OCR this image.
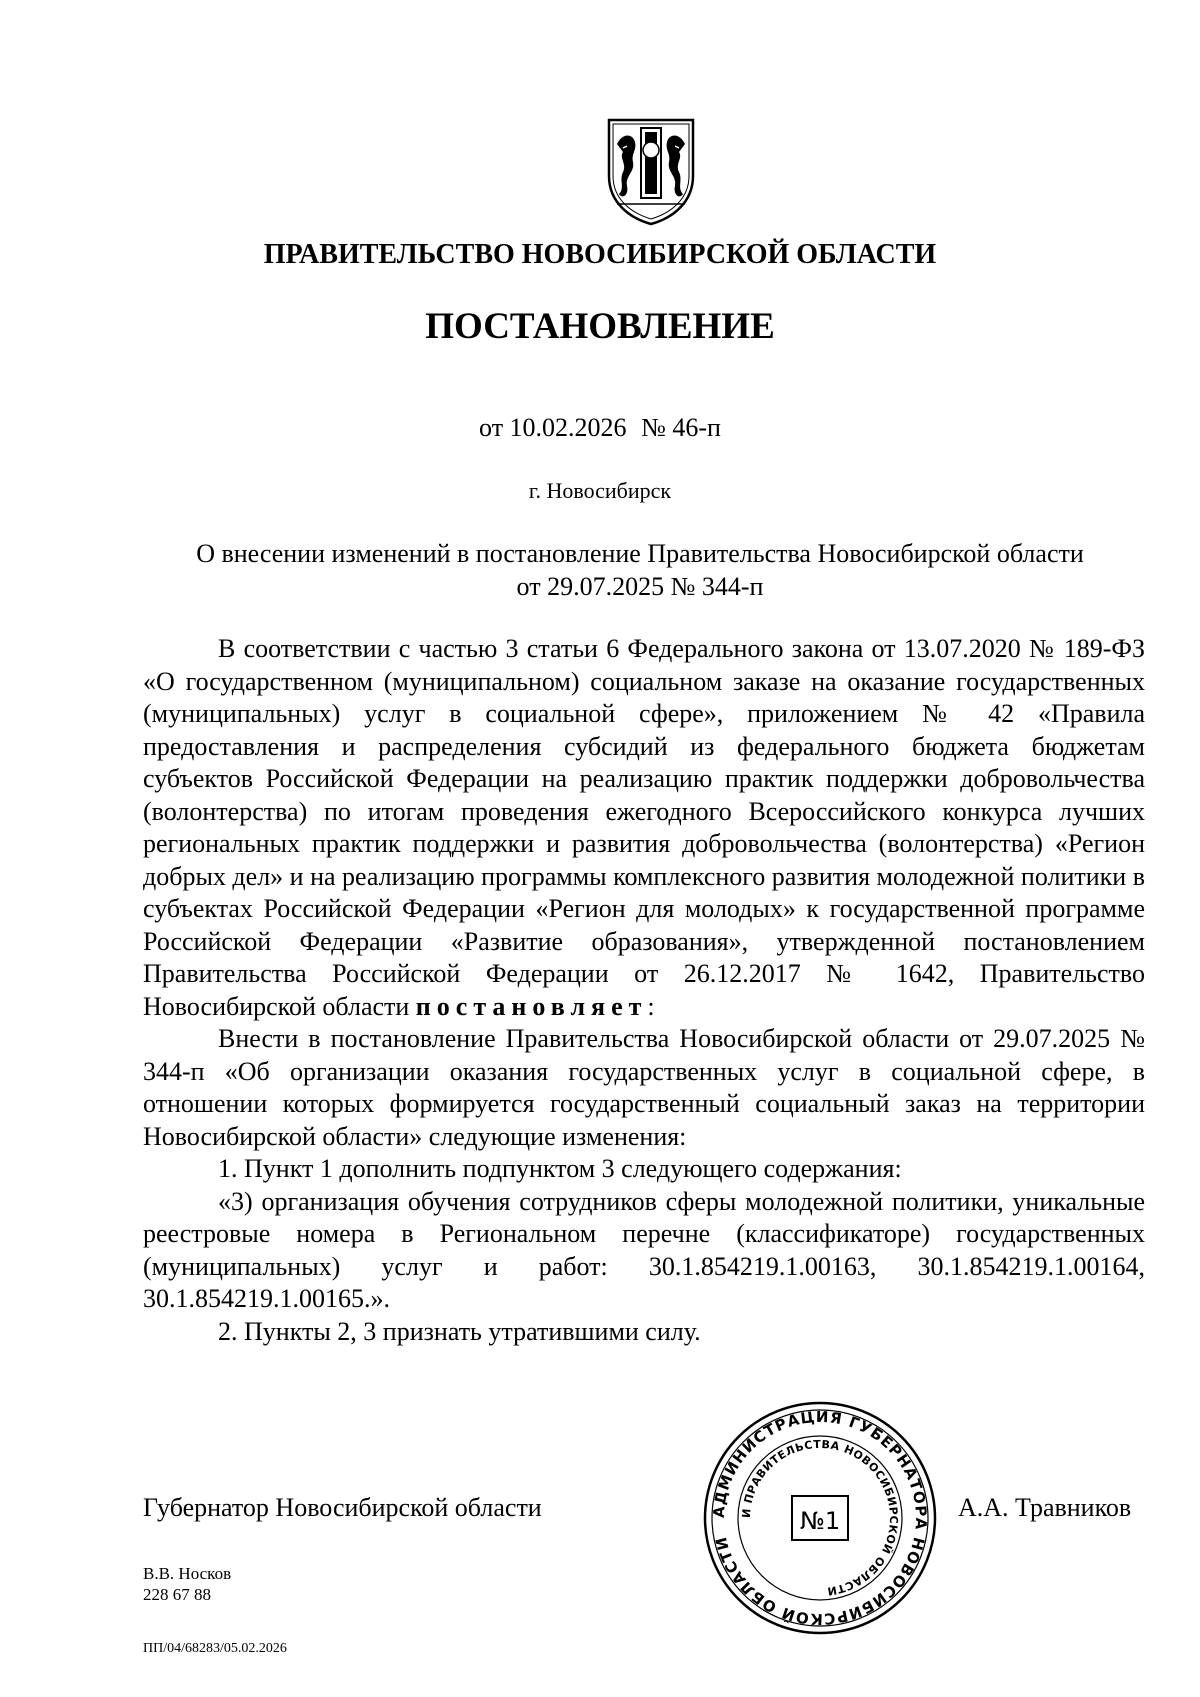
ПРАВИТЕЛЬСТВО НОВОСИБИРСКОЙ ОБЛАСТИ
ПОСТАНОВЛЕНИЕ
от 10.02.2026 № 46-п
г. Новосибирск
О внесении изменений в постановление Правительства Новосибирской области
от 29.07.2025 № 344-п

В соответствии с частью 3 статьи 6 Федерального закона от 13.07.2020 № 189-ФЗ «О государственном (муниципальном) социальном заказе на оказание государственных (муниципальных) услуг в социальной сфере», приложением № 42 «Правила предоставления и распределения субсидий из федерального бюджета бюджетам субъектов Российской Федерации на реализацию практик поддержки добровольчества (волонтерства) по итогам проведения ежегодного Всероссийского конкурса лучших региональных практик поддержки и развития добровольчества (волонтерства) «Регион добрых дел» и на реализацию программы комплексного развития молодежной политики в субъектах Российской Федерации «Регион для молодых» к государственной программе Российской Федерации «Развитие образования», утвержденной постановлением Правительства Российской Федерации от 26.12.2017 № 1642, Правительство Новосибирской области постановляет:

Внести в постановление Правительства Новосибирской области от 29.07.2025 № 344-п «Об организации оказания государственных услуг в социальной сфере, в отношении которых формируется государственный социальный заказ на территории Новосибирской области» следующие изменения:

1. Пункт 1 дополнить подпунктом 3 следующего содержания:

«3) организация обучения сотрудников сферы молодежной политики, уникальные реестровые номера в Региональном перечне (классификаторе) государственных (муниципальных) услуг и работ: 30.1.854219.1.00163, 30.1.854219.1.00164, 30.1.854219.1.00165.».

2. Пункты 2, 3 признать утратившими силу.

Губернатор Новосибирской области	А.А. Травников
АДМИНИСТРАЦИЯ ГУБЕРНАТОРА НОВОСИБИРСКОЙ ОБЛАСТИ
И ПРАВИТЕЛЬСТВА НОВОСИБИРСКОЙ ОБЛАСТИ
№1
В.В. Носков
228 67 88
ПП/04/68283/05.02.2026
